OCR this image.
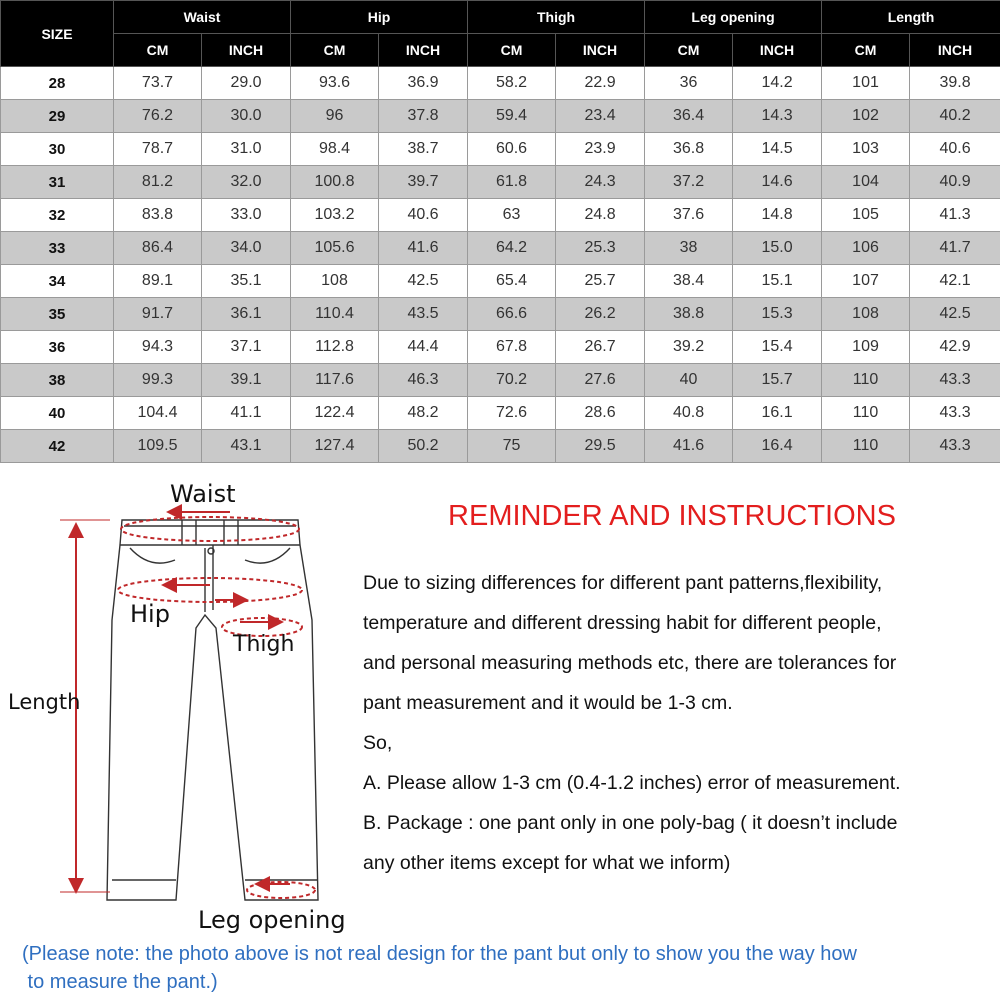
SIZE	Waist		Hip		Thigh		Leg opening		Length	
	CM	INCH	CM	INCH	CM	INCH	CM	INCH	CM	INCH
28	73.7	29.0	93.6	36.9	58.2	22.9	36	14.2	101	39.8
29	76.2	30.0	96	37.8	59.4	23.4	36.4	14.3	102	40.2
30	78.7	31.0	98.4	38.7	60.6	23.9	36.8	14.5	103	40.6
31	81.2	32.0	100.8	39.7	61.8	24.3	37.2	14.6	104	40.9
32	83.8	33.0	103.2	40.6	63	24.8	37.6	14.8	105	41.3
33	86.4	34.0	105.6	41.6	64.2	25.3	38	15.0	106	41.7
34	89.1	35.1	108	42.5	65.4	25.7	38.4	15.1	107	42.1
35	91.7	36.1	110.4	43.5	66.6	26.2	38.8	15.3	108	42.5
36	94.3	37.1	112.8	44.4	67.8	26.7	39.2	15.4	109	42.9
38	99.3	39.1	117.6	46.3	70.2	27.6	40	15.7	110	43.3
40	104.4	41.1	122.4	48.2	72.6	28.6	40.8	16.1	110	43.3
42	109.5	43.1	127.4	50.2	75	29.5	41.6	16.4	110	43.3
Waist
Hip
Thigh
Length
Leg opening
REMINDER AND INSTRUCTIONS
Due to sizing differences for different pant patterns,flexibility,
temperature and different dressing habit for different people,
and personal measuring methods etc, there are tolerances for
pant measurement and it would be 1-3 cm.
So,
A. Please allow 1-3 cm (0.4-1.2 inches) error of measurement.
B. Package : one pant only in one poly-bag ( it doesn’t include
any other items except for what we inform)
(Please note: the photo above is not real design for the pant but only to show you the way how
to measure the pant.)
